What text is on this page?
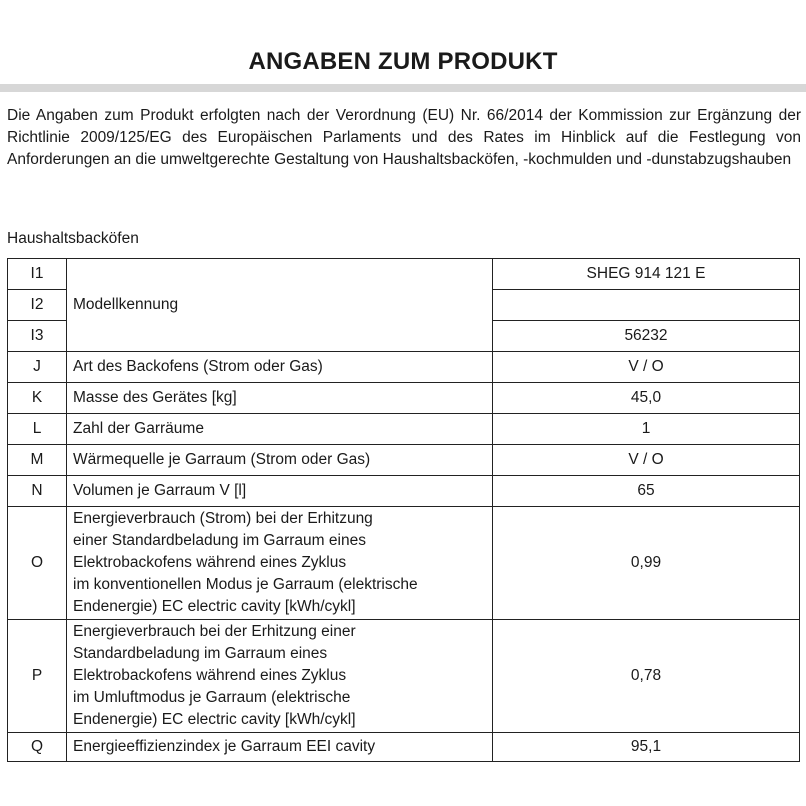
ANGABEN ZUM PRODUKT

Die Angaben zum Produkt erfolgten nach der Verordnung (EU) Nr. 66/2014 der Kommission zur Ergänzung der Richtlinie 2009/125/EG des Europäischen Parlaments und des Rates im Hinblick auf die Festlegung von Anforderungen an die umweltgerechte Gestaltung von Haushaltsbacköfen, -kochmulden und -dunstabzugshauben

Haushaltsbacköfen

I1	Modellkennung	SHEG 914 121 E
I2		
I3		56232
J	Art des Backofens (Strom oder Gas)	V / O
K	Masse des Gerätes [kg]	45,0
L	Zahl der Garräume	1
M	Wärmequelle je Garraum (Strom oder Gas)	V / O
N	Volumen je Garraum V [l]	65
O	Energieverbrauch (Strom) bei der Erhitzung
einer Standardbeladung im Garraum eines
Elektrobackofens während eines Zyklus
im konventionellen Modus je Garraum (elektrische
Endenergie) EC electric cavity [kWh/cykl]	0,99
P	Energieverbrauch bei der Erhitzung einer
Standardbeladung im Garraum eines
Elektrobackofens während eines Zyklus
im Umluftmodus je Garraum (elektrische
Endenergie) EC electric cavity [kWh/cykl]	0,78
Q	Energieeffizienzindex je Garraum EEI cavity	95,1
